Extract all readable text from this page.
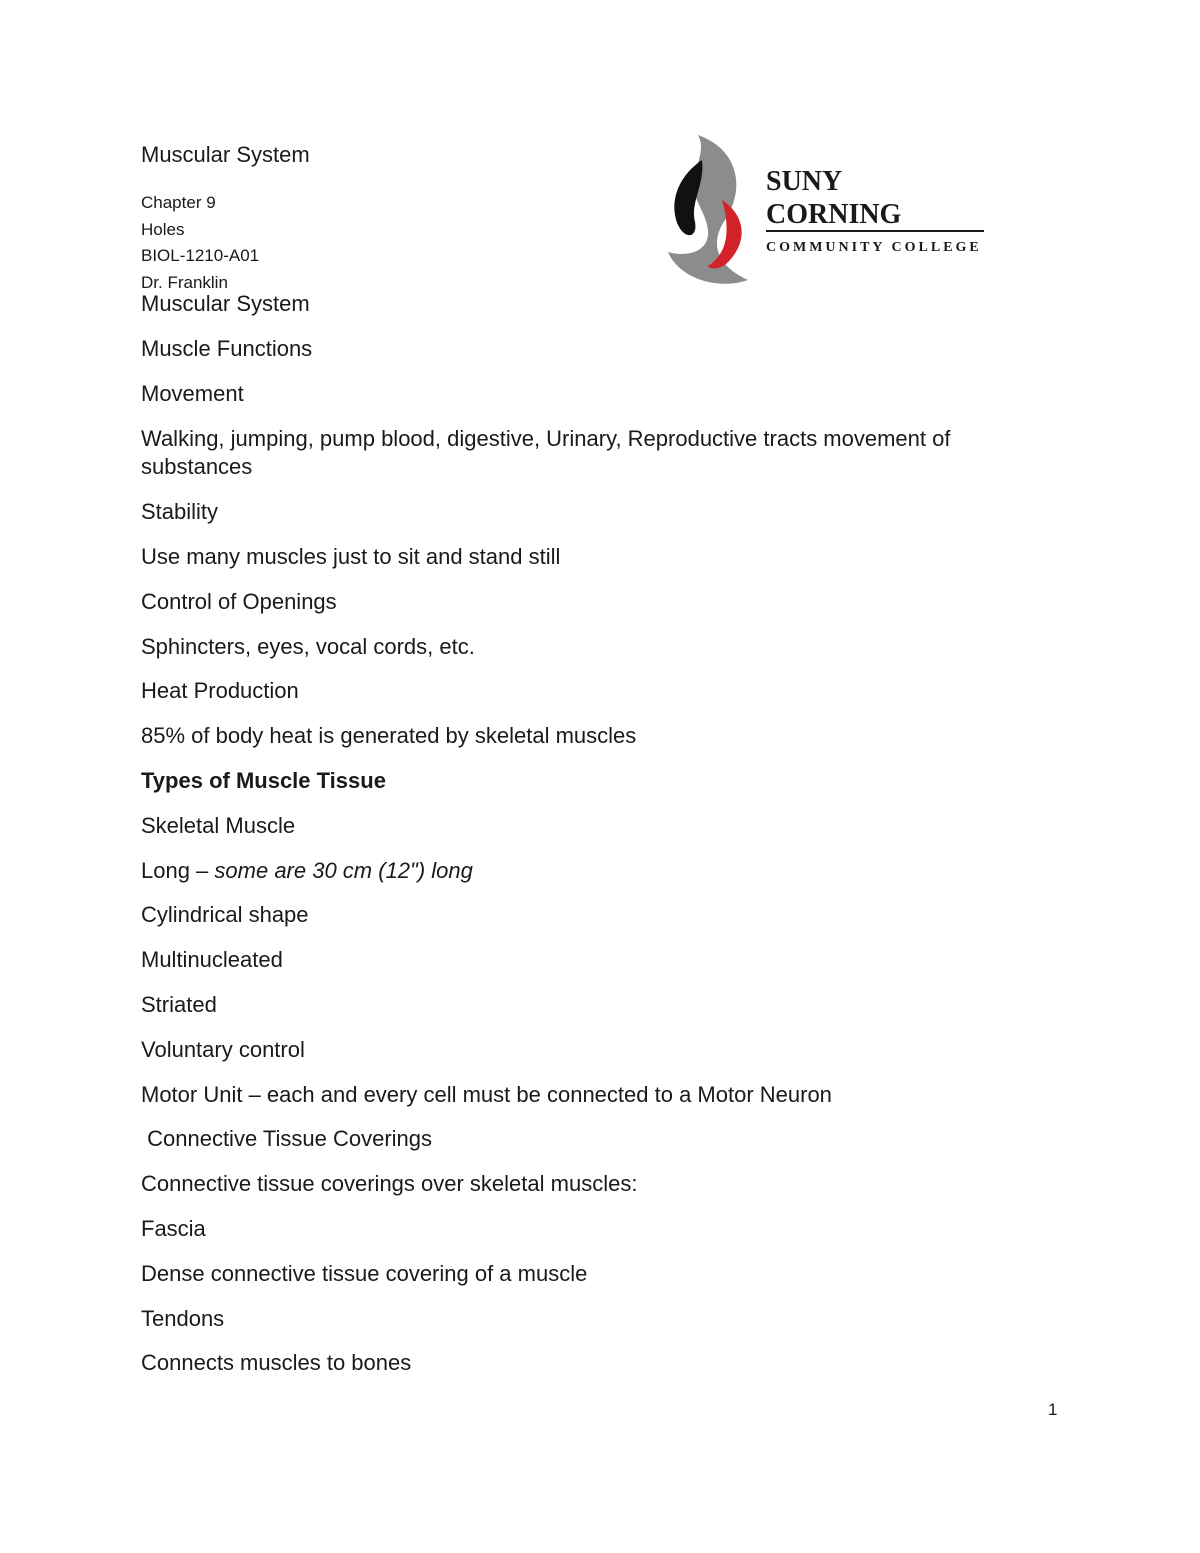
Muscular System
Chapter 9
Holes
BIOL-1210-A01
Dr. Franklin
SUNY
CORNING
COMMUNITY COLLEGE
Muscular System
Muscle Functions
Movement
Walking, jumping, pump blood, digestive, Urinary, Reproductive tracts movement of substances
Stability
Use many muscles just to sit and stand still
Control of Openings
Sphincters, eyes, vocal cords, etc.
Heat Production
85% of body heat is generated by skeletal muscles
Types of Muscle Tissue
Skeletal Muscle
Long – some are 30 cm (12") long
Cylindrical shape
Multinucleated
Striated
Voluntary control
Motor Unit – each and every cell must be connected to a Motor Neuron
Connective Tissue Coverings
Connective tissue coverings over skeletal muscles:
Fascia
Dense connective tissue covering of a muscle
Tendons
Connects muscles to bones
1
